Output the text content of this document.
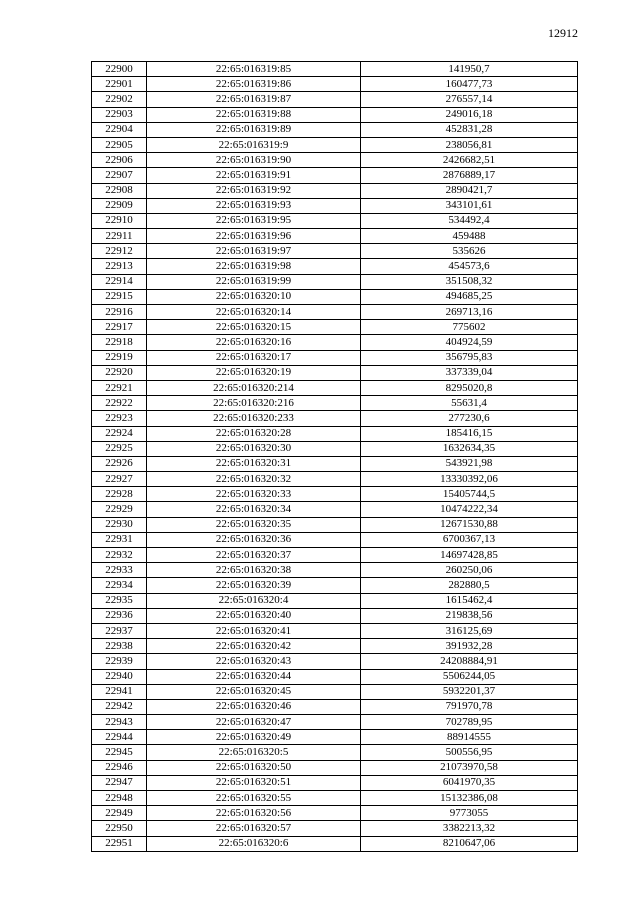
12912
22900	22:65:016319:85	141950,7
22901	22:65:016319:86	160477,73
22902	22:65:016319:87	276557,14
22903	22:65:016319:88	249016,18
22904	22:65:016319:89	452831,28
22905	22:65:016319:9	238056,81
22906	22:65:016319:90	2426682,51
22907	22:65:016319:91	2876889,17
22908	22:65:016319:92	2890421,7
22909	22:65:016319:93	343101,61
22910	22:65:016319:95	534492,4
22911	22:65:016319:96	459488
22912	22:65:016319:97	535626
22913	22:65:016319:98	454573,6
22914	22:65:016319:99	351508,32
22915	22:65:016320:10	494685,25
22916	22:65:016320:14	269713,16
22917	22:65:016320:15	775602
22918	22:65:016320:16	404924,59
22919	22:65:016320:17	356795,83
22920	22:65:016320:19	337339,04
22921	22:65:016320:214	8295020,8
22922	22:65:016320:216	55631,4
22923	22:65:016320:233	277230,6
22924	22:65:016320:28	185416,15
22925	22:65:016320:30	1632634,35
22926	22:65:016320:31	543921,98
22927	22:65:016320:32	13330392,06
22928	22:65:016320:33	15405744,5
22929	22:65:016320:34	10474222,34
22930	22:65:016320:35	12671530,88
22931	22:65:016320:36	6700367,13
22932	22:65:016320:37	14697428,85
22933	22:65:016320:38	260250,06
22934	22:65:016320:39	282880,5
22935	22:65:016320:4	1615462,4
22936	22:65:016320:40	219838,56
22937	22:65:016320:41	316125,69
22938	22:65:016320:42	391932,28
22939	22:65:016320:43	24208884,91
22940	22:65:016320:44	5506244,05
22941	22:65:016320:45	5932201,37
22942	22:65:016320:46	791970,78
22943	22:65:016320:47	702789,95
22944	22:65:016320:49	88914555
22945	22:65:016320:5	500556,95
22946	22:65:016320:50	21073970,58
22947	22:65:016320:51	6041970,35
22948	22:65:016320:55	15132386,08
22949	22:65:016320:56	9773055
22950	22:65:016320:57	3382213,32
22951	22:65:016320:6	8210647,06
